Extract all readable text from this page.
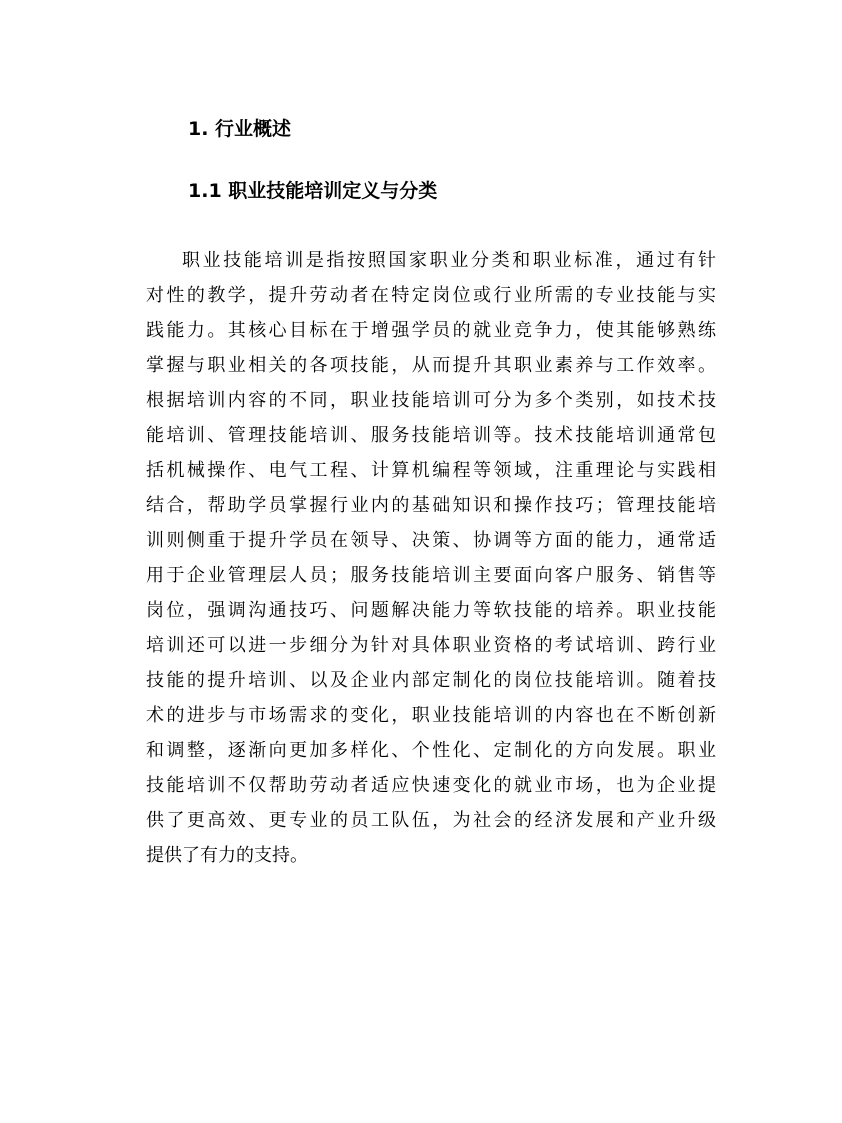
1. 行业概述
1.1 职业技能培训定义与分类
职业技能培训是指按照国家职业分类和职业标准，通过有针
对性的教学，提升劳动者在特定岗位或行业所需的专业技能与实
践能力。其核心目标在于增强学员的就业竞争力，使其能够熟练
掌握与职业相关的各项技能，从而提升其职业素养与工作效率。
根据培训内容的不同，职业技能培训可分为多个类别，如技术技
能培训、管理技能培训、服务技能培训等。技术技能培训通常包
括机械操作、电气工程、计算机编程等领域，注重理论与实践相
结合，帮助学员掌握行业内的基础知识和操作技巧；管理技能培
训则侧重于提升学员在领导、决策、协调等方面的能力，通常适
用于企业管理层人员；服务技能培训主要面向客户服务、销售等
岗位，强调沟通技巧、问题解决能力等软技能的培养。职业技能
培训还可以进一步细分为针对具体职业资格的考试培训、跨行业
技能的提升培训、以及企业内部定制化的岗位技能培训。随着技
术的进步与市场需求的变化，职业技能培训的内容也在不断创新
和调整，逐渐向更加多样化、个性化、定制化的方向发展。职业
技能培训不仅帮助劳动者适应快速变化的就业市场，也为企业提
供了更高效、更专业的员工队伍，为社会的经济发展和产业升级
提供了有力的支持。
